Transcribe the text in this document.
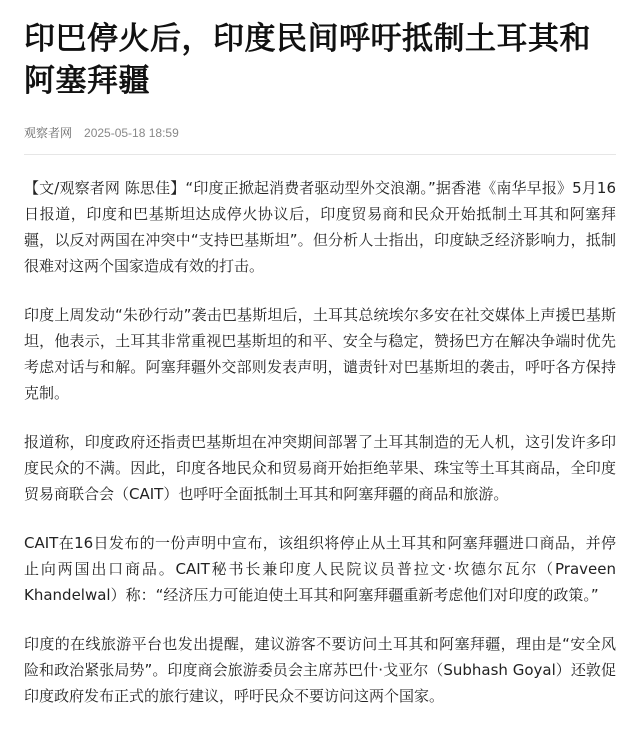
印巴停火后，印度民间呼吁抵制土耳其和阿塞拜疆
观察者网 2025-05-18 18:59

【文/观察者网 陈思佳】“印度正掀起消费者驱动型外交浪潮。”据香港《南华早报》5月16日报道，印度和巴基斯坦达成停火协议后，印度贸易商和民众开始抵制土耳其和阿塞拜疆，以反对两国在冲突中“支持巴基斯坦”。但分析人士指出，印度缺乏经济影响力，抵制很难对这两个国家造成有效的打击。

印度上周发动“朱砂行动”袭击巴基斯坦后，土耳其总统埃尔多安在社交媒体上声援巴基斯坦，他表示，土耳其非常重视巴基斯坦的和平、安全与稳定，赞扬巴方在解决争端时优先考虑对话与和解。阿塞拜疆外交部则发表声明，谴责针对巴基斯坦的袭击，呼吁各方保持克制。

报道称，印度政府还指责巴基斯坦在冲突期间部署了土耳其制造的无人机，这引发许多印度民众的不满。因此，印度各地民众和贸易商开始拒绝苹果、珠宝等土耳其商品，全印度贸易商联合会（CAIT）也呼吁全面抵制土耳其和阿塞拜疆的商品和旅游。

CAIT在16日发布的一份声明中宣布，该组织将停止从土耳其和阿塞拜疆进口商品，并停止向两国出口商品。CAIT秘书长兼印度人民院议员普拉文·坎德尔瓦尔（Praveen Khandelwal）称：“经济压力可能迫使土耳其和阿塞拜疆重新考虑他们对印度的政策。”

印度的在线旅游平台也发出提醒，建议游客不要访问土耳其和阿塞拜疆，理由是“安全风险和政治紧张局势”。印度商会旅游委员会主席苏巴什·戈亚尔（Subhash Goyal）还敦促印度政府发布正式的旅行建议，呼吁民众不要访问这两个国家。
